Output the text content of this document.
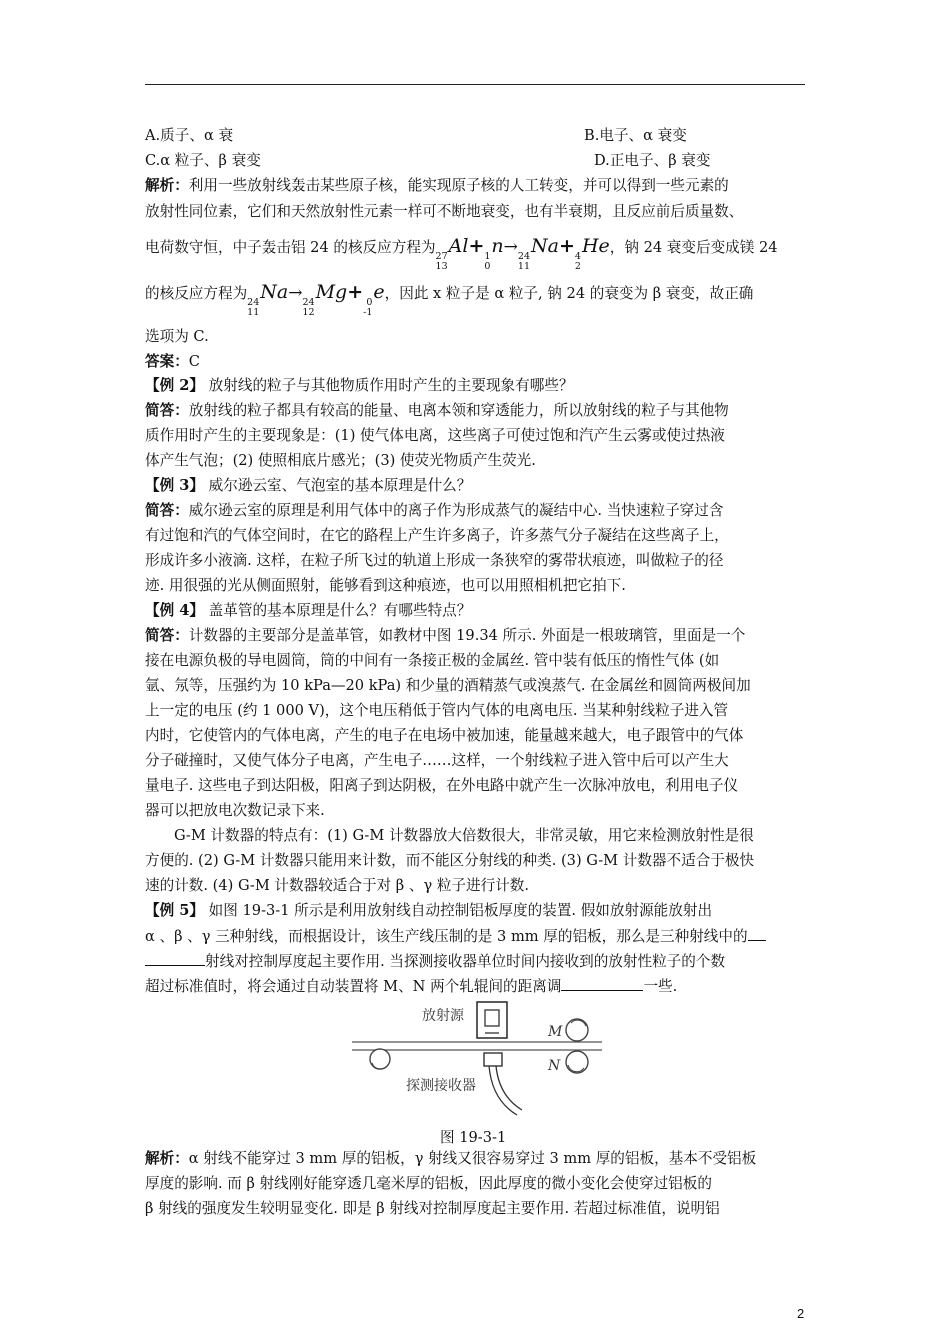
A.质子、α 衰	B.电子、α 衰变
C.α 粒子、β 衰变	D.正电子、β 衰变
解析：利用一些放射线轰击某些原子核，能实现原子核的人工转变，并可以得到一些元素的
放射性同位素，它们和天然放射性元素一样可不断地衰变，也有半衰期，且反应前后质量数、
电荷数守恒，中子轰击铝 24 的核反应方程为
27
13
Al+ 1
0
n→ 24
11
Na+ 4
2
He，钠 24 衰变后变成镁 24
的核反应方程为
24
11
Na→ 24
12
Mg+ 0
-1
e，因此 x 粒子是 α 粒子, 钠 24 的衰变为 β 衰变，故正确
选项为 C.
答案：C
【例 2】 放射线的粒子与其他物质作用时产生的主要现象有哪些？
简答：放射线的粒子都具有较高的能量、电离本领和穿透能力，所以放射线的粒子与其他物
质作用时产生的主要现象是：(1) 使气体电离，这些离子可使过饱和汽产生云雾或使过热液
体产生气泡；(2) 使照相底片感光；(3) 使荧光物质产生荧光.
【例 3】 威尔逊云室、气泡室的基本原理是什么？
简答：威尔逊云室的原理是利用气体中的离子作为形成蒸气的凝结中心. 当快速粒子穿过含
有过饱和汽的气体空间时，在它的路程上产生许多离子，许多蒸气分子凝结在这些离子上，
形成许多小液滴. 这样，在粒子所飞过的轨道上形成一条狭窄的雾带状痕迹，叫做粒子的径
迹. 用很强的光从侧面照射，能够看到这种痕迹，也可以用照相机把它拍下.
【例 4】 盖革管的基本原理是什么？有哪些特点？
简答：计数器的主要部分是盖革管，如教材中图 19.34 所示. 外面是一根玻璃管，里面是一个
接在电源负极的导电圆筒，筒的中间有一条接正极的金属丝. 管中装有低压的惰性气体 (如
氩、氖等，压强约为 10 kPa—20 kPa) 和少量的酒精蒸气或溴蒸气. 在金属丝和圆筒两极间加
上一定的电压 (约 1 000 V)，这个电压稍低于管内气体的电离电压. 当某种射线粒子进入管
内时，它使管内的气体电离，产生的电子在电场中被加速，能量越来越大，电子跟管中的气体
分子碰撞时，又使气体分子电离，产生电子……这样，一个射线粒子进入管中后可以产生大
量电子. 这些电子到达阳极，阳离子到达阴极，在外电路中就产生一次脉冲放电，利用电子仪
器可以把放电次数记录下来.
G-M 计数器的特点有：(1) G-M 计数器放大倍数很大，非常灵敏，用它来检测放射性是很
方便的. (2) G-M 计数器只能用来计数，而不能区分射线的种类. (3) G-M 计数器不适合于极快
速的计数. (4) G-M 计数器较适合于对 β 、γ 粒子进行计数.
【例 5】 如图 19-3-1 所示是利用放射线自动控制铝板厚度的装置. 假如放射源能放射出
α 、β 、γ 三种射线，而根据设计，该生产线压制的是 3 mm 厚的铝板，那么是三种射线中的
射线对控制厚度起主要作用. 当探测接收器单位时间内接收到的放射性粒子的个数
超过标准值时，将会通过自动装置将 M、N 两个轧辊间的距离调	一些.
放射源
M
N
探测接收器
图 19-3-1
解析：α 射线不能穿过 3 mm 厚的铝板，γ 射线又很容易穿过 3 mm 厚的铝板，基本不受铝板
厚度的影响. 而 β 射线刚好能穿透几毫米厚的铝板，因此厚度的微小变化会使穿过铝板的
β 射线的强度发生较明显变化. 即是 β 射线对控制厚度起主要作用. 若超过标准值，说明铝
2
